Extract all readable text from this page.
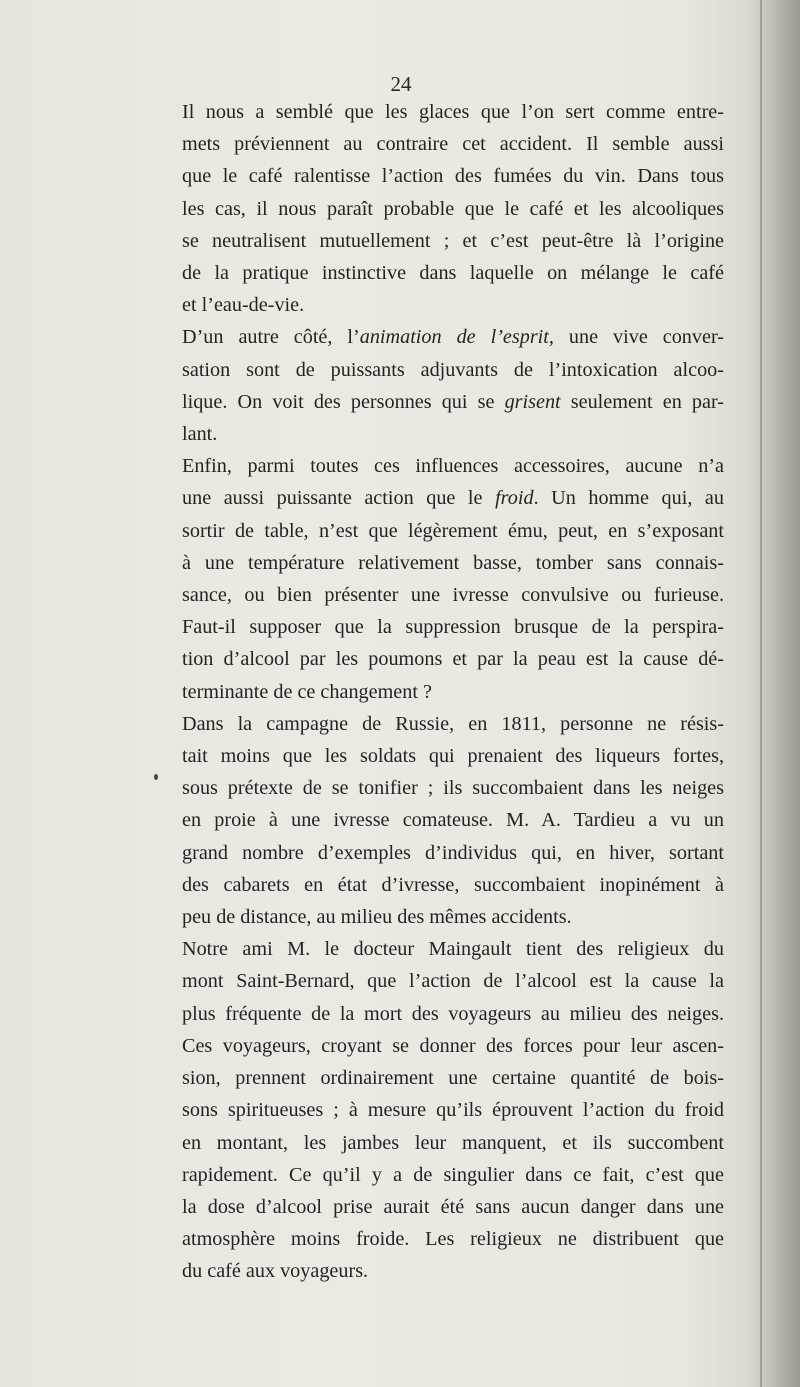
24

Il nous a semblé que les glaces que l’on sert comme entre-
mets préviennent au contraire cet accident. Il semble aussi
que le café ralentisse l’action des fumées du vin. Dans tous
les cas, il nous paraît probable que le café et les alcooliques
se neutralisent mutuellement ; et c’est peut-être là l’origine
de la pratique instinctive dans laquelle on mélange le café
et l’eau-de-vie.

D’un autre côté, l’animation de l’esprit, une vive conver-
sation sont de puissants adjuvants de l’intoxication alcoo-
lique. On voit des personnes qui se grisent seulement en par-
lant.

Enfin, parmi toutes ces influences accessoires, aucune n’a
une aussi puissante action que le froid. Un homme qui, au
sortir de table, n’est que légèrement ému, peut, en s’exposant
à une température relativement basse, tomber sans connais-
sance, ou bien présenter une ivresse convulsive ou furieuse.
Faut-il supposer que la suppression brusque de la perspira-
tion d’alcool par les poumons et par la peau est la cause dé-
terminante de ce changement ?

Dans la campagne de Russie, en 1811, personne ne résis-
tait moins que les soldats qui prenaient des liqueurs fortes,
sous prétexte de se tonifier ; ils succombaient dans les neiges
en proie à une ivresse comateuse. M. A. Tardieu a vu un
grand nombre d’exemples d’individus qui, en hiver, sortant
des cabarets en état d’ivresse, succombaient inopinément à
peu de distance, au milieu des mêmes accidents.

Notre ami M. le docteur Maingault tient des religieux du
mont Saint-Bernard, que l’action de l’alcool est la cause la
plus fréquente de la mort des voyageurs au milieu des neiges.
Ces voyageurs, croyant se donner des forces pour leur ascen-
sion, prennent ordinairement une certaine quantité de bois-
sons spiritueuses ; à mesure qu’ils éprouvent l’action du froid
en montant, les jambes leur manquent, et ils succombent
rapidement. Ce qu’il y a de singulier dans ce fait, c’est que
la dose d’alcool prise aurait été sans aucun danger dans une
atmosphère moins froide. Les religieux ne distribuent que
du café aux voyageurs.
